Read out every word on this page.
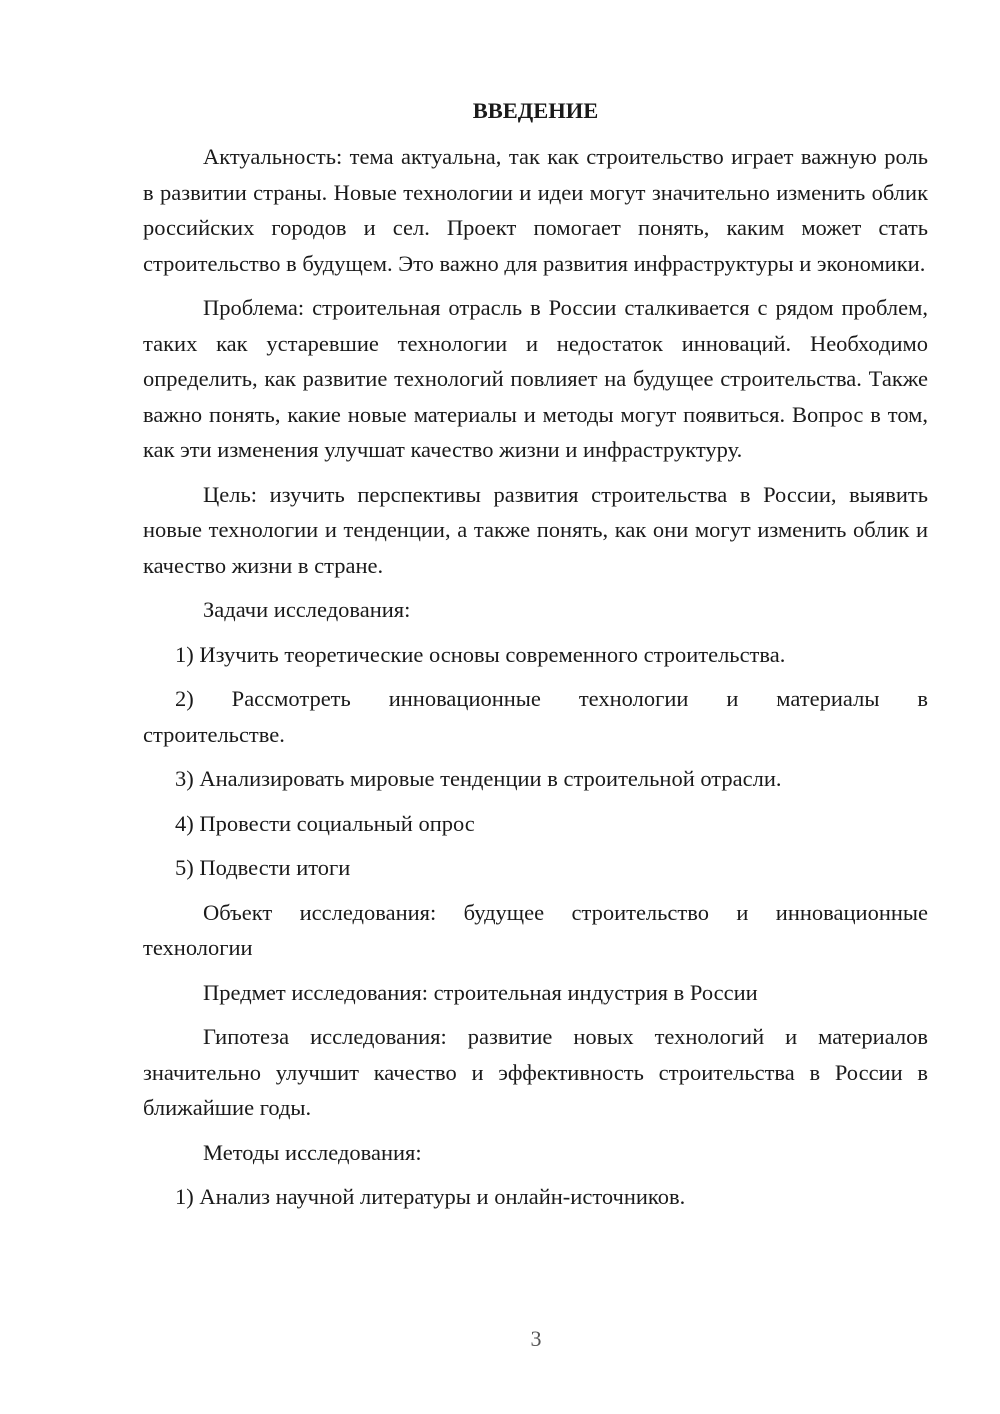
ВВЕДЕНИЕ
Актуальность: тема актуальна, так как строительство играет важную роль в развитии страны. Новые технологии и идеи могут значительно изменить облик российских городов и сел. Проект помогает понять, каким может стать строительство в будущем. Это важно для развития инфраструктуры и экономики.
Проблема: строительная отрасль в России сталкивается с рядом проблем, таких как устаревшие технологии и недостаток инноваций. Необходимо определить, как развитие технологий повлияет на будущее строительства. Также важно понять, какие новые материалы и методы могут появиться. Вопрос в том, как эти изменения улучшат качество жизни и инфраструктуру.
Цель: изучить перспективы развития строительства в России, выявить новые технологии и тенденции, а также понять, как они могут изменить облик и качество жизни в стране.
Задачи исследования:
1) Изучить теоретические основы современного строительства.
2) Рассмотреть инновационные технологии и материалы в
строительстве.
3) Анализировать мировые тенденции в строительной отрасли.
4) Провести социальный опрос
5) Подвести итоги
Объект исследования: будущее строительство и инновационные технологии
Предмет исследования: строительная индустрия в России
Гипотеза исследования: развитие новых технологий и материалов значительно улучшит качество и эффективность строительства в России в ближайшие годы.
Методы исследования:
1) Анализ научной литературы и онлайн-источников.
3
